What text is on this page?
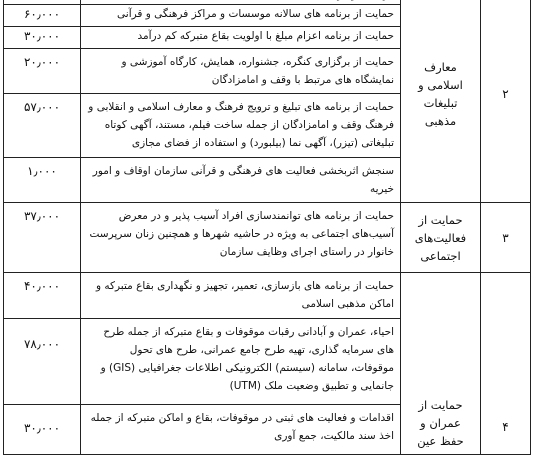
۲	معارف اسلامی و تبلیغات مذهبی		
		حمایت از برنامه های سالانه موسسات و مراکز فرهنگی و قرآنی	۶۰٫۰۰۰
		حمایت از برنامه اعزام مبلغ با اولویت بقاع متبرکه کم درآمد	۳۰٫۰۰۰
		حمایت از برگزاری کنگره، جشنواره، همایش، کارگاه آموزشی و نمایشگاه های مرتبط با وقف و امامزادگان	۲۰٫۰۰۰
		حمایت از برنامه های تبلیغ و ترویج فرهنگ و معارف اسلامی و انقلابی و فرهنگ وقف و امامزادگان از جمله ساخت فیلم، مستند، آگهی کوتاه تبلیغاتی (تیزر)، آگهی نما (بیلبورد) و استفاده از فضای مجازی	۵۷٫۰۰۰
		سنجش اثربخشی فعالیت های فرهنگی و قرآنی سازمان اوقاف و امور خیریه	۱٫۰۰۰
۳	حمایت از فعالیت‌های اجتماعی	حمایت از برنامه های توانمندسازی افراد آسیب پذیر و در معرض آسیب‌های اجتماعی به ویژه در حاشیه شهرها و همچنین زنان سرپرست خانوار در راستای اجرای وظایف سازمان	۳۷٫۰۰۰
۴	حمایت از عمران و حفظ عین	حمایت از برنامه های بازسازی، تعمیر، تجهیز و نگهداری بقاع متبرکه و اماکن مذهبی اسلامی	۴۰٫۰۰۰
		احیاء، عمران و آبادانی رقبات موقوفات و بقاع متبرکه از جمله طرح های سرمایه گذاری، تهیه طرح جامع عمرانی، طرح های تحول موقوفات، سامانه (سیستم) الکترونیکی اطلاعات جغرافیایی (GIS) و جانمایی و تطبیق وضعیت ملک (UTM)	۷۸٫۰۰۰
		اقدامات و فعالیت های ثبتی در موقوفات، بقاع و اماکن متبرکه از جمله اخذ سند مالکیت، جمع آوری	۳۰٫۰۰۰
